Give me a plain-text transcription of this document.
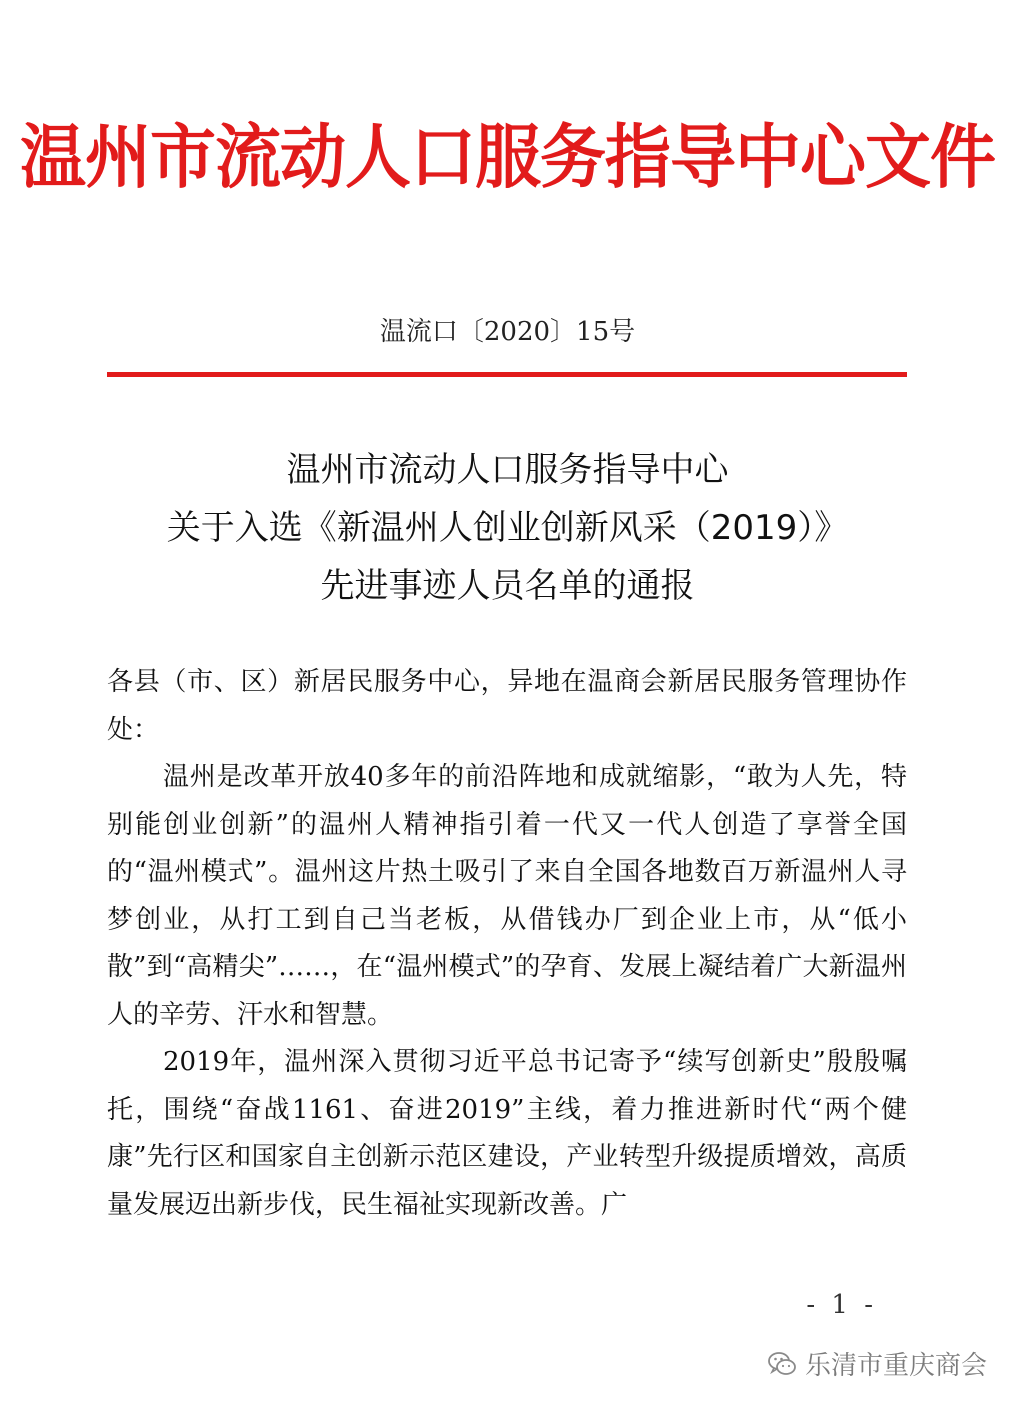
温州市流动人口服务指导中心文件
温流口〔2020〕15号
温州市流动人口服务指导中心
关于入选《新温州人创业创新风采（2019）》
先进事迹人员名单的通报

各县（市、区）新居民服务中心，异地在温商会新居民服务管理协作处：

温州是改革开放40多年的前沿阵地和成就缩影，“敢为人先，特别能创业创新”的温州人精神指引着一代又一代人创造了享誉全国的“温州模式”。温州这片热土吸引了来自全国各地数百万新温州人寻梦创业，从打工到自己当老板，从借钱办厂到企业上市，从“低小散”到“高精尖”……，在“温州模式”的孕育、发展上凝结着广大新温州人的辛劳、汗水和智慧。

2019年，温州深入贯彻习近平总书记寄予“续写创新史”殷殷嘱托，围绕“奋战1161、奋进2019”主线，着力推进新时代“两个健康”先行区和国家自主创新示范区建设，产业转型升级提质增效，高质量发展迈出新步伐，民生福祉实现新改善。广

- 1 -
乐清市重庆商会
